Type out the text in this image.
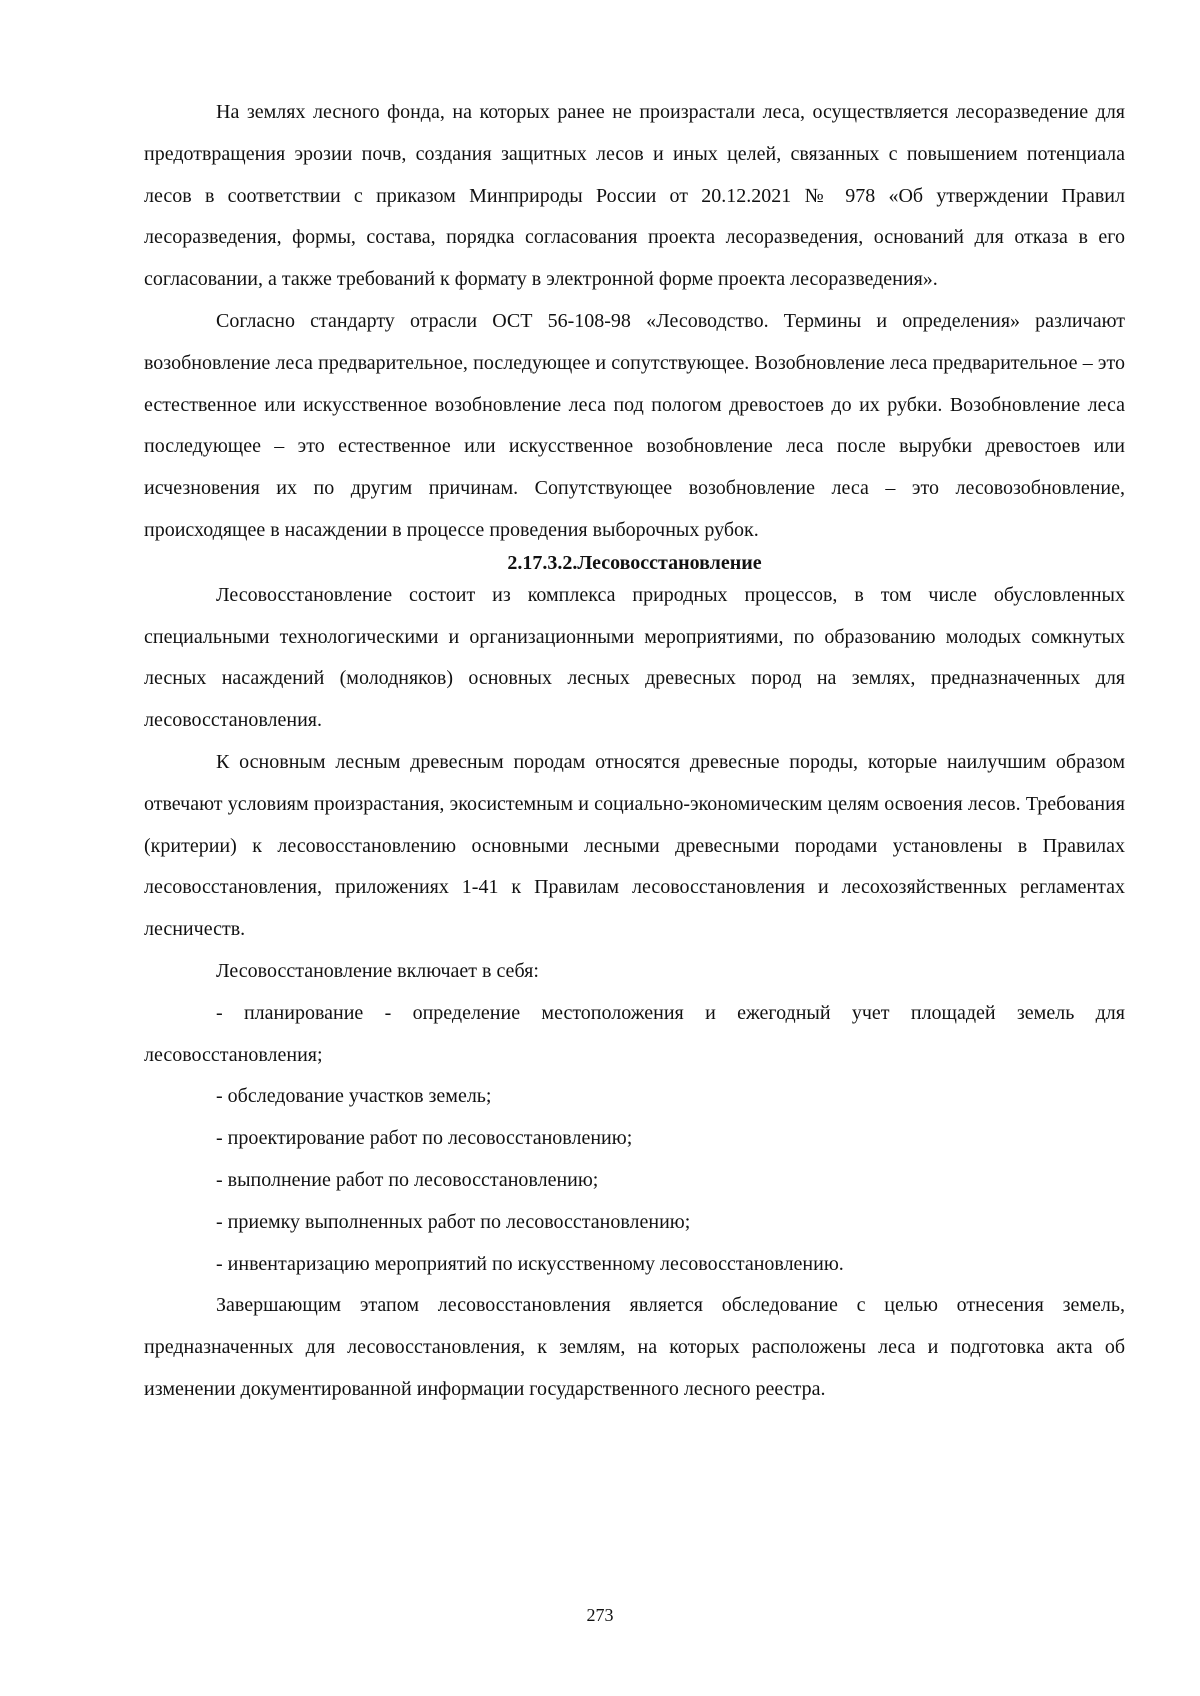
На землях лесного фонда, на которых ранее не произрастали леса, осуществляется лесоразведение для предотвращения эрозии почв, создания защитных лесов и иных целей, связанных с повышением потенциала лесов в соответствии с приказом Минприроды России от 20.12.2021 № 978 «Об утверждении Правил лесоразведения, формы, состава, порядка согласования проекта лесоразведения, оснований для отказа в его согласовании, а также требований к формату в электронной форме проекта лесоразведения».

Согласно стандарту отрасли ОСТ 56-108-98 «Лесоводство. Термины и определения» различают возобновление леса предварительное, последующее и сопутствующее. Возобновление леса предварительное – это естественное или искусственное возобновление леса под пологом древостоев до их рубки. Возобновление леса последующее – это естественное или искусственное возобновление леса после вырубки древостоев или исчезновения их по другим причинам. Сопутствующее возобновление леса – это лесовозобновление, происходящее в насаждении в процессе проведения выборочных рубок.

2.17.3.2.Лесовосстановление

Лесовосстановление состоит из комплекса природных процессов, в том числе обусловленных специальными технологическими и организационными мероприятиями, по образованию молодых сомкнутых лесных насаждений (молодняков) основных лесных древесных пород на землях, предназначенных для лесовосстановления.

К основным лесным древесным породам относятся древесные породы, которые наилучшим образом отвечают условиям произрастания, экосистемным и социально-экономическим целям освоения лесов. Требования (критерии) к лесовосстановлению основными лесными древесными породами установлены в Правилах лесовосстановления, приложениях 1-41 к Правилам лесовосстановления и лесохозяйственных регламентах лесничеств.

Лесовосстановление включает в себя:

- планирование - определение местоположения и ежегодный учет площадей земель для лесовосстановления;

- обследование участков земель;

- проектирование работ по лесовосстановлению;

- выполнение работ по лесовосстановлению;

- приемку выполненных работ по лесовосстановлению;

- инвентаризацию мероприятий по искусственному лесовосстановлению.

Завершающим этапом лесовосстановления является обследование с целью отнесения земель, предназначенных для лесовосстановления, к землям, на которых расположены леса и подготовка акта об изменении документированной информации государственного лесного реестра.

273
